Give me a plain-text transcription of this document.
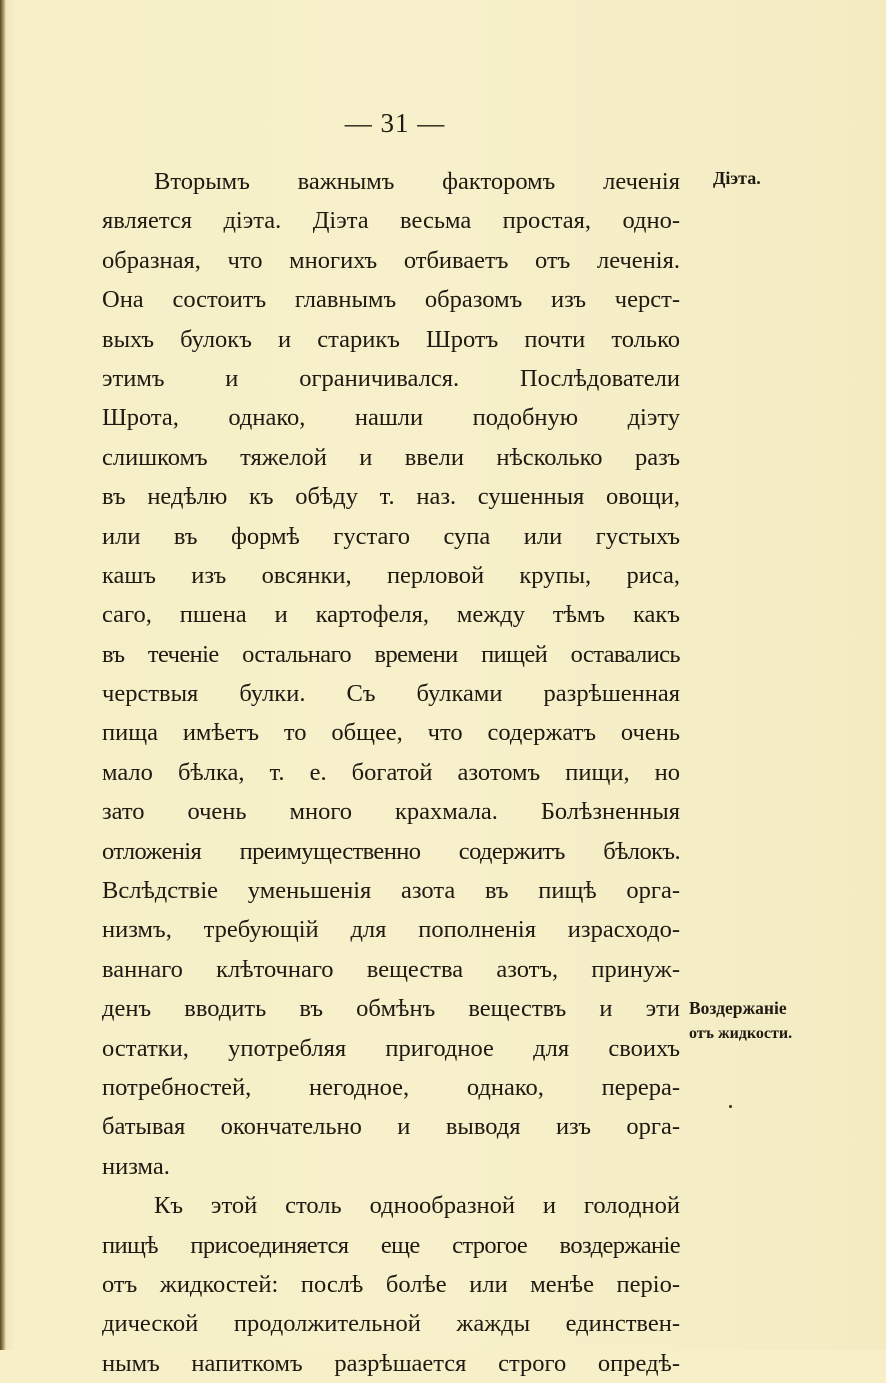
— 31 —
Вторымъ важнымъ факторомъ леченія
является діэта. Діэта весьма простая, одно-
образная, что многихъ отбиваетъ отъ леченія.
Она состоитъ главнымъ образомъ изъ черст-
выхъ булокъ и старикъ Шротъ почти только
этимъ и ограничивался. Послѣдователи
Шрота, однако, нашли подобную діэту
слишкомъ тяжелой и ввели нѣсколько разъ
въ недѣлю къ обѣду т. наз. сушенныя овощи,
или въ формѣ густаго супа или густыхъ
кашъ изъ овсянки, перловой крупы, риса,
саго, пшена и картофеля, между тѣмъ какъ
въ теченіе остальнаго времени пищей оставались
черствыя булки. Съ булками разрѣшенная
пища имѣетъ то общее, что содержатъ очень
мало бѣлка, т. е. богатой азотомъ пищи, но
зато очень много крахмала. Болѣзненныя
отложенія преимущественно содержитъ бѣлокъ.
Вслѣдствіе уменьшенія азота въ пищѣ орга-
низмъ, требующій для пополненія израсходо-
ваннаго клѣточнаго вещества азотъ, принуж-
денъ вводить въ обмѣнъ веществъ и эти
остатки, употребляя пригодное для своихъ
потребностей, негодное, однако, перера-
батывая окончательно и выводя изъ орга-
низма.
Къ этой столь однообразной и голодной
пищѣ присоединяется еще строгое воздержаніе
отъ жидкостей: послѣ болѣе или менѣе періо-
дической продолжительной жажды единствен-
нымъ напиткомъ разрѣшается строго опредѣ-
Діэта.
Воздержаніе
отъ жидкости.
